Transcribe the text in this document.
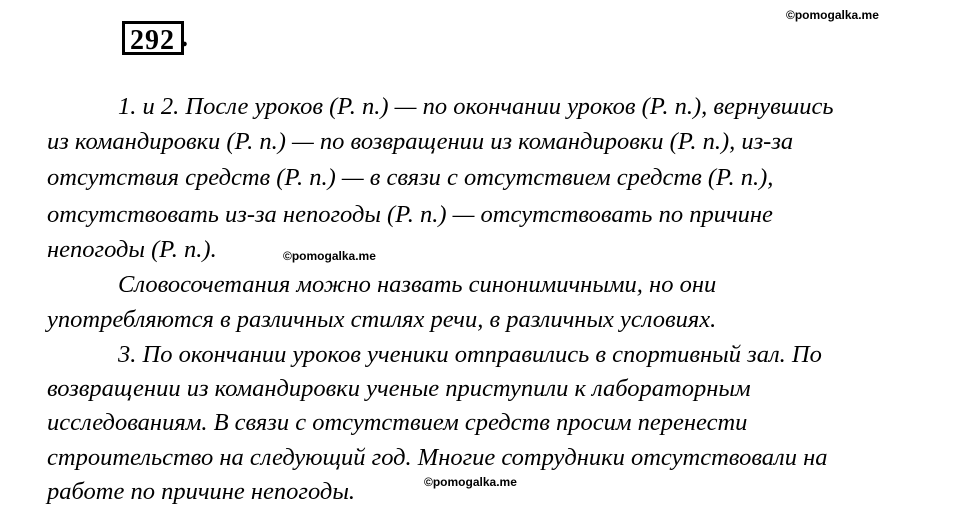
292 .
©pomogalka.me
1. и 2. После уроков (Р. п.) — по окончании уроков (Р. п.), вернувшись
из командировки (Р. п.) — по возвращении из командировки (Р. п.), из-за
отсутствия средств (Р. п.) — в связи с отсутствием средств (Р. п.),
отсутствовать из-за непогоды (Р. п.) — отсутствовать по причине
непогоды (Р. п.).
Словосочетания можно назвать синонимичными, но они
употребляются в различных стилях речи, в различных условиях.
3. По окончании уроков ученики отправились в спортивный зал. По
возвращении из командировки ученые приступили к лабораторным
исследованиям. В связи с отсутствием средств просим перенести
строительство на следующий год. Многие сотрудники отсутствовали на
работе по причине непогоды.
©pomogalka.me
©pomogalka.me
